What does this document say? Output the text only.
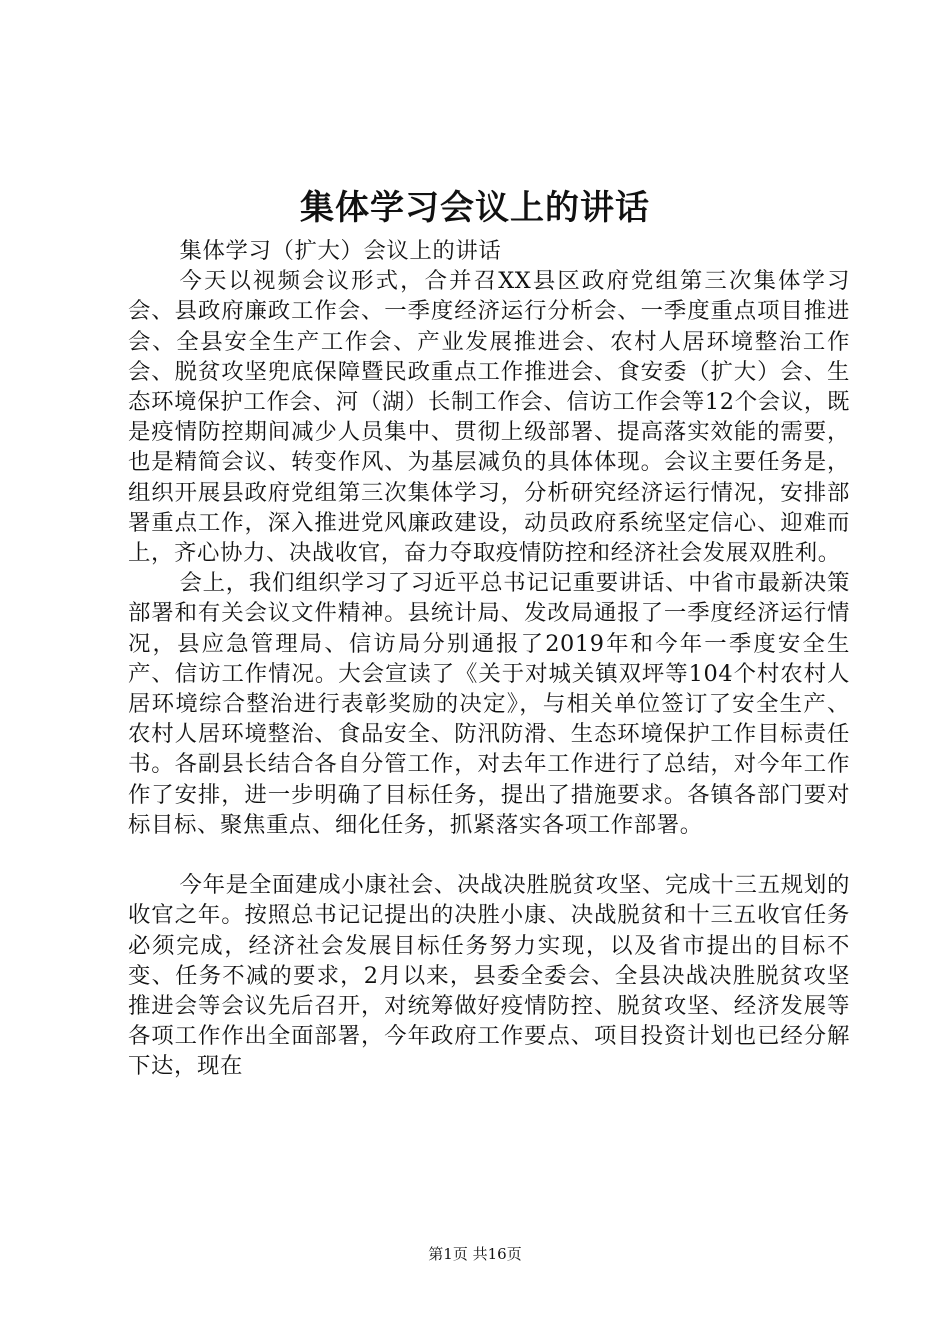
集体学习会议上的讲话

集体学习（扩大）会议上的讲话

今天以视频会议形式，合并召XX县区政府党组第三次集体学习会、县政府廉政工作会、一季度经济运行分析会、一季度重点项目推进会、全县安全生产工作会、产业发展推进会、农村人居环境整治工作会、脱贫攻坚兜底保障暨民政重点工作推进会、食安委（扩大）会、生态环境保护工作会、河（湖）长制工作会、信访工作会等12个会议，既是疫情防控期间减少人员集中、贯彻上级部署、提高落实效能的需要，也是精简会议、转变作风、为基层减负的具体体现。会议主要任务是，组织开展县政府党组第三次集体学习，分析研究经济运行情况，安排部署重点工作，深入推进党风廉政建设，动员政府系统坚定信心、迎难而上，齐心协力、决战收官，奋力夺取疫情防控和经济社会发展双胜利。

会上，我们组织学习了习近平总书记记重要讲话、中省市最新决策部署和有关会议文件精神。县统计局、发改局通报了一季度经济运行情况，县应急管理局、信访局分别通报了2019年和今年一季度安全生产、信访工作情况。大会宣读了《关于对城关镇双坪等104个村农村人居环境综合整治进行表彰奖励的决定》，与相关单位签订了安全生产、农村人居环境整治、食品安全、防汛防滑、生态环境保护工作目标责任书。各副县长结合各自分管工作，对去年工作进行了总结，对今年工作作了安排，进一步明确了目标任务，提出了措施要求。各镇各部门要对标目标、聚焦重点、细化任务，抓紧落实各项工作部署。

今年是全面建成小康社会、决战决胜脱贫攻坚、完成十三五规划的收官之年。按照总书记记提出的决胜小康、决战脱贫和十三五收官任务必须完成，经济社会发展目标任务努力实现，以及省市提出的目标不变、任务不减的要求，2月以来，县委全委会、全县决战决胜脱贫攻坚推进会等会议先后召开，对统筹做好疫情防控、脱贫攻坚、经济发展等各项工作作出全面部署，今年政府工作要点、项目投资计划也已经分解下达，现在

第1页 共16页
